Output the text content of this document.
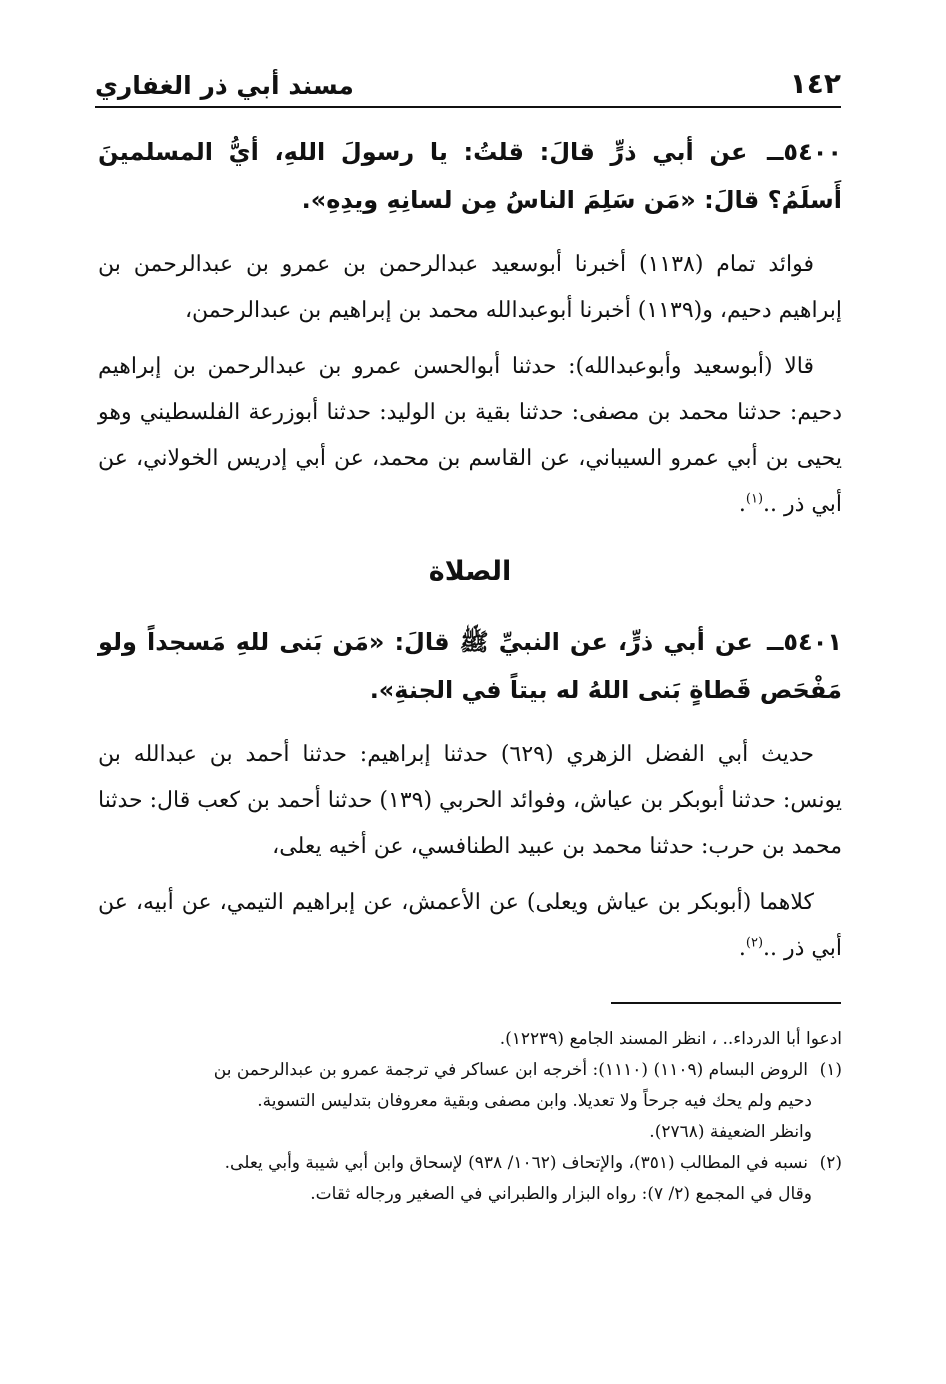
١٤٢
مسند أبي ذر الغفاري

٥٤٠٠ــ عن أبي ذرٍّ قالَ: قلتُ: يا رسولَ اللهِ، أيُّ المسلمينَ أَسلَمُ؟ قالَ: «مَن سَلِمَ الناسُ مِن لسانِهِ ويدِهِ».

فوائد تمام (١١٣٨) أخبرنا أبوسعيد عبدالرحمن بن عمرو بن عبدالرحمن بن إبراهيم دحيم، و(١١٣٩) أخبرنا أبوعبدالله محمد بن إبراهيم بن عبدالرحمن،

قالا (أبوسعيد وأبوعبدالله): حدثنا أبوالحسن عمرو بن عبدالرحمن بن إبراهيم دحيم: حدثنا محمد بن مصفى: حدثنا بقية بن الوليد: حدثنا أبوزرعة الفلسطيني وهو يحيى بن أبي عمرو السيباني، عن القاسم بن محمد، عن أبي إدريس الخولاني، عن أبي ذر ..$^{(١)}$.

الصلاة

٥٤٠١ــ عن أبي ذرٍّ، عن النبيِّ ﷺ قالَ: «مَن بَنى للهِ مَسجداً ولو مَفْحَص قَطاةٍ بَنى اللهُ له بيتاً في الجنةِ».

حديث أبي الفضل الزهري (٦٢٩) حدثنا إبراهيم: حدثنا أحمد بن عبدالله بن يونس: حدثنا أبوبكر بن عياش، وفوائد الحربي (١٣٩) حدثنا أحمد بن كعب قال: حدثنا محمد بن حرب: حدثنا محمد بن عبيد الطنافسي، عن أخيه يعلى،

كلاهما (أبوبكر بن عياش ويعلى) عن الأعمش، عن إبراهيم التيمي، عن أبيه، عن أبي ذر ..$^{(٢)}$.

ادعوا أبا الدرداء.. ، انظر المسند الجامع (١٢٢٣٩).

(١)
الروض البسام (١١٠٩) (١١١٠): أخرجه ابن عساكر في ترجمة عمرو بن عبدالرحمن بن

دحيم ولم يحك فيه جرحاً ولا تعديلا. وابن مصفى وبقية معروفان بتدليس التسوية.

وانظر الضعيفة (٢٧٦٨).

(٢)
نسبه في المطالب (٣٥١)، والإتحاف (١٠٦٢/ ٩٣٨) لإسحاق وابن أبي شيبة وأبي يعلى.

وقال في المجمع (٢/ ٧): رواه البزار والطبراني في الصغير ورجاله ثقات.
